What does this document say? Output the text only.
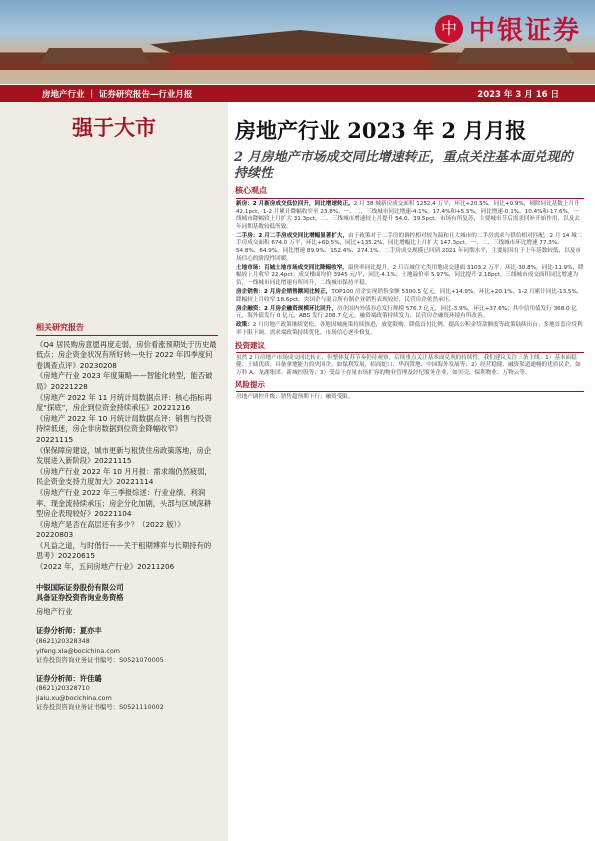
中 中银证券
房地产行业 ｜ 证券研究报告—行业月报	2023 年 3 月 16 日
强于大市	房地产行业 2023 年 2 月月报
2 月房地产市场成交同比增速转正，重点关注基本面兑现的持续性
核心观点

新房：2 月新房成交低位回升，同比增速转正。2 月 38 城新房成交面积 1252.4 万平，环比+20.5%，同比+0.9%，剔除同比基数上月升 42.1pct，1-2 月累计降幅收窄至 23.8%。一、二、三线城市同比增速-4.1%、17.4%和+5.5%，同比增速-0.1%、10.4%和-17.6%，一线城市降幅较上月扩大 31.3pct，二、三线城市增速较上月提升 54.0、39.5pct。市场有所复苏，主要城市节后需求回补开始作用，以及去年同期基数较低所致。

二手房：2 月二手房成交同比增幅显著扩大，由于政策对于二手房的调控相对较为温和且大城市的二手房需求与供给相对匹配，2 月 14 城二手房成交面积 674.0 万平，环比+60.5%，同比+135.2%，同比增幅比上月扩大 147.3pct。一、二、三线城市环比增速 77.3%、54.8%、64.9%，同比增速 89.9%、152.4%、274.1%。二手房成交规模已回到 2021 年同期水平，主要原因在于上年基数较低，以及市场信心的阶段性回暖。

土地市场：百城土地市场成交同比降幅收窄，溢价率同比提升。2 月百城住宅类用地成交建面 3103.2 万平，环比-30.8%，同比-11.9%，降幅较上月收窄 22.4pct；成交楼面均价 3945 元/平，同比-4.1%；土地溢价率 5.97%，同比提升 2.18pct。三线城市成交面积同比增速为负，一线城市同比增速有所回升，二线城市保持平稳。

房企销售：2 月房企销售额同比转正，TOP100 房企实现销售金额 5300.5 亿元，同比+14.9%，环比+20.1%，1-2 月累计同比-13.5%，降幅较上月收窄 18.6pct。央国企与混合所有制企业销售表现较好，民营房企依然承压。

房企融资：2 月房企融资规模环比回升，房企国内外债券总发行规模 576.7 亿元，同比-3.9%，环比+37.6%；其中信用债发行 368.0 亿元，海外债发行 0 亿元，ABS 发行 208.7 亿元。融资端政策持续发力，民营房企融资环境有所改善。

政策：2 月房地产政策继续宽松，各地因城施策持续推进，放宽限购、降低首付比例、提高公积金贷款额度等政策陆续出台；多地首套房贷利率下限下调，需求端政策持续优化，市场信心逐步修复。

投资建议

虽然 2 月房地产市场成交同比转正，但整体复苏节奏仍待观察，后续重点关注基本面兑现的持续性。我们建议关注三条主线：1）基本面稳健、土储优质、具备拿地能力的央国企，如保利发展、招商蛇口、华润置地、中国海外发展等；2）经营稳健、融资渠道通畅的优质民企，如万科 A、龙湖集团、新城控股等；3）受益于存量市场扩容的物业管理及经纪服务企业，如贝壳、保利物业、万物云等。

风险提示

房地产调控升级；销售超预期下行；融资受限。

相关研究报告

《Q4 居民购房意愿再度走弱，房价看涨预期处于历史最低点；房企资金状况有所好转—央行 2022 年四季度问卷调查点评》20230208

《房地产行业 2023 年度策略——智能化转型，能否破局》20221228

《房地产 2022 年 11 月统计局数据点评：核心指标再度“探底”，房企到位资金持续承压》20221216

《房地产 2022 年 10 月统计局数据点评：销售与投资持续低迷，房企非房数据到位资金降幅收窄》20221115

《保保障房建设，城市更新与租赁住房政策落地，房企发展进入新阶段》20221115

《房地产行业 2022 年 10 月月报：需求端仍然疲弱，民企资金支持力度加大》20221114

《房地产行业 2022 年三季报综述：行业业绩、利润率、现金流持续承压；房企分化加剧，头部与区域深耕型房企表现较好》20221104

《房地产是否在高层还有多少？（2022 版）》20220803

《凡益之道，与时偕行——关于租期博弈与长期持有的思考》20220615

《2022 年，五问房地产行业》20211206

中银国际证券股份有限公司
具备证券投资咨询业务资格
房地产行业
证券分析师：夏亦丰
(8621)20328348
yifeng.xia@bocichina.com
证券投资咨询业务证书编号：S0521070005
证券分析师：许佳璐
(8621)20328710
jialu.xu@bocichina.com
证券投资咨询业务证书编号：S0521110002
